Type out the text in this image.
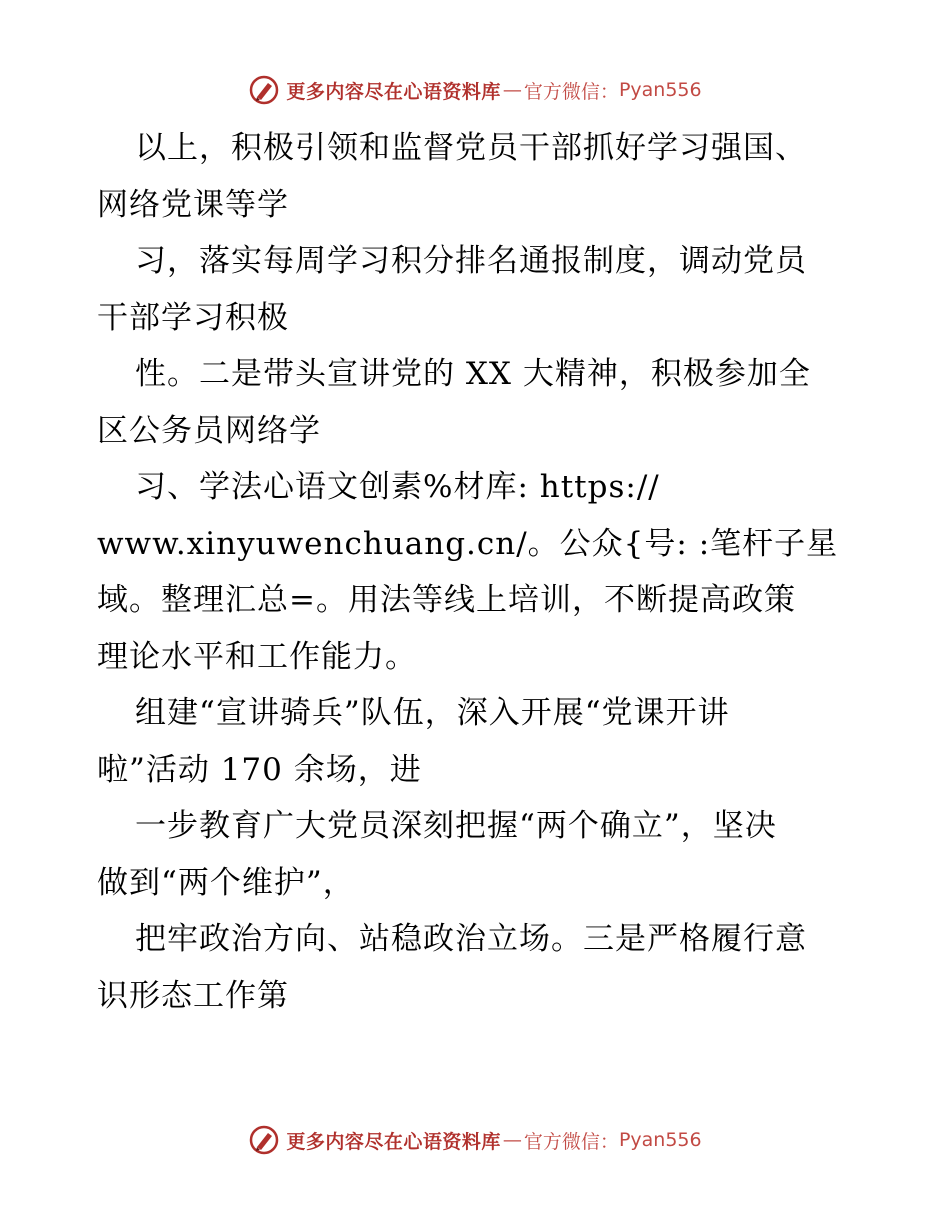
更多内容尽在心语资料库 — 官方微信： Pyan556
以上，积极引领和监督党员干部抓好学习强国、
网络党课等学
习，落实每周学习积分排名通报制度，调动党员
干部学习积极
性。二是带头宣讲党的 XX 大精神，积极参加全
区公务员网络学
习、学法心语文创素%材库: https://
www.xinyuwenchuang.cn/。公众{号: :笔杆子星
域。整理汇总=。用法等线上培训，不断提高政策
理论水平和工作能力。
组建“宣讲骑兵”队伍，深入开展“党课开讲
啦”活动 170 余场，进
一步教育广大党员深刻把握“两个确立”，坚决
做到“两个维护”，
把牢政治方向、站稳政治立场。三是严格履行意
识形态工作第
更多内容尽在心语资料库 — 官方微信： Pyan556
